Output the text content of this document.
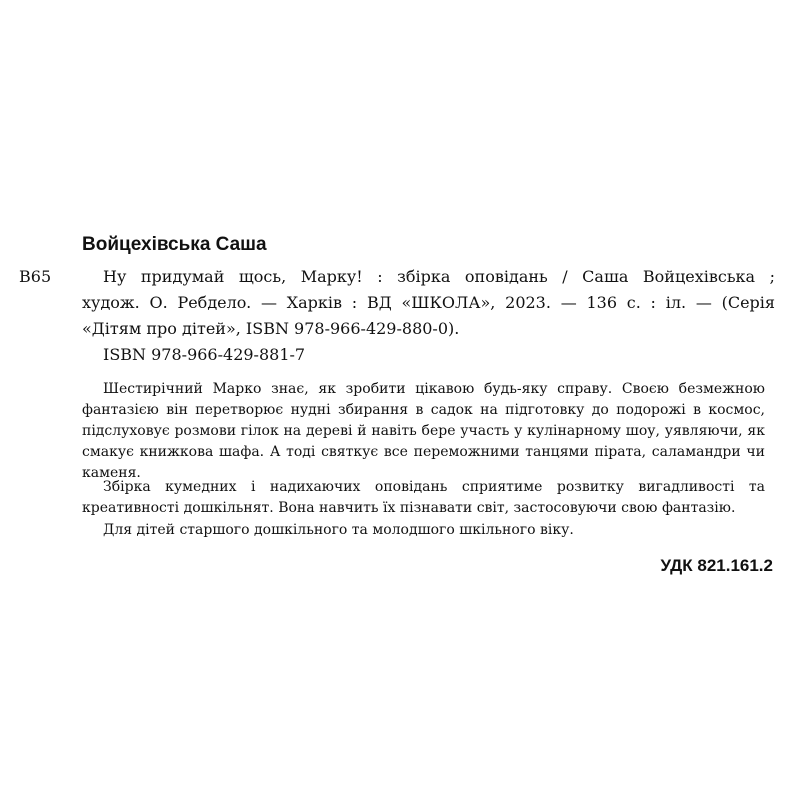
Войцехівська Саша
В65	Ну придумай щось, Марку! : збірка оповідань / Саша Войцехівська ;
худож. О. Ребделo. — Харків : ВД «ШКОЛА», 2023. — 136 с. : іл. — (Серія
«Дітям про дітей», ISBN 978-966-429-880-0).
ISBN 978-966-429-881-7
Шестирічний Марко знає, як зробити цікавою будь-яку справу. Своєю безмежною
фантазією він перетворює нудні збирання в садок на підготовку до подорожі в космос,
підслуховує розмови гілок на дереві й навіть бере участь у кулінарному шоу, уявляючи, як
смакує книжкова шафа. А тоді святкує все переможними танцями пірата, саламандри чи
каменя.
Збірка кумедних і надихаючих оповідань сприятиме розвитку вигадливості та
креативності дошкільнят. Вона навчить їх пізнавати світ, застосовуючи свою фантазію.
Для дітей старшого дошкільного та молодшого шкільного віку.
УДК 821.161.2
